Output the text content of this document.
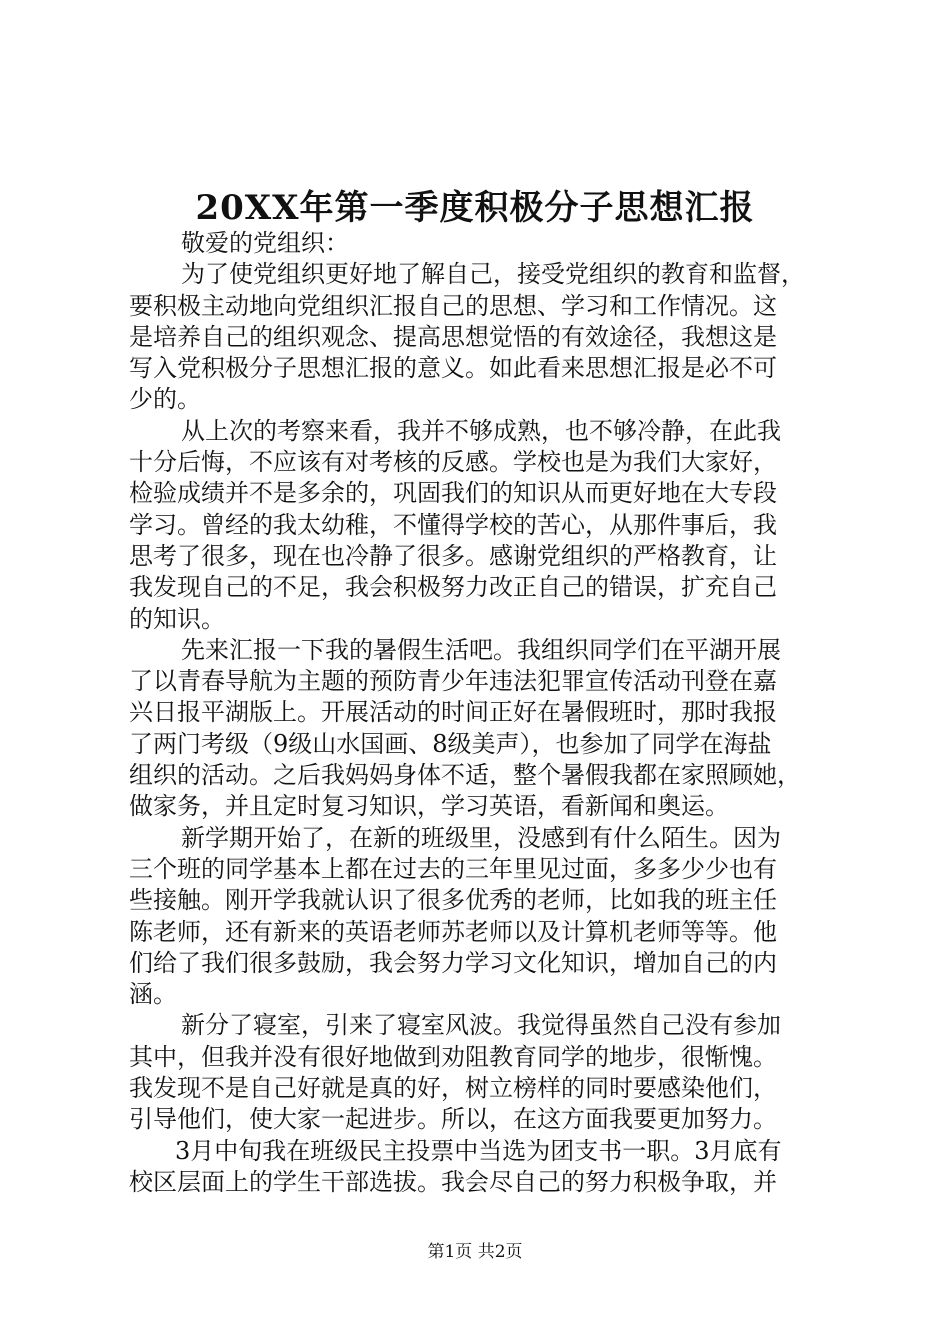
20XX年第一季度积极分子思想汇报
敬爱的党组织：
为了使党组织更好地了解自己，接受党组织的教育和监督，
要积极主动地向党组织汇报自己的思想、学习和工作情况。这
是培养自己的组织观念、提高思想觉悟的有效途径，我想这是
写入党积极分子思想汇报的意义。如此看来思想汇报是必不可
少的。
从上次的考察来看，我并不够成熟，也不够冷静，在此我
十分后悔，不应该有对考核的反感。学校也是为我们大家好，
检验成绩并不是多余的，巩固我们的知识从而更好地在大专段
学习。曾经的我太幼稚，不懂得学校的苦心，从那件事后，我
思考了很多，现在也冷静了很多。感谢党组织的严格教育，让
我发现自己的不足，我会积极努力改正自己的错误，扩充自己
的知识。
先来汇报一下我的暑假生活吧。我组织同学们在平湖开展
了以青春导航为主题的预防青少年违法犯罪宣传活动刊登在嘉
兴日报平湖版上。开展活动的时间正好在暑假班时，那时我报
了两门考级（9级山水国画、8级美声），也参加了同学在海盐
组织的活动。之后我妈妈身体不适，整个暑假我都在家照顾她，
做家务，并且定时复习知识，学习英语，看新闻和奥运。
新学期开始了，在新的班级里，没感到有什么陌生。因为
三个班的同学基本上都在过去的三年里见过面，多多少少也有
些接触。刚开学我就认识了很多优秀的老师，比如我的班主任
陈老师，还有新来的英语老师苏老师以及计算机老师等等。他
们给了我们很多鼓励，我会努力学习文化知识，增加自己的内
涵。
新分了寝室，引来了寝室风波。我觉得虽然自己没有参加
其中，但我并没有很好地做到劝阻教育同学的地步，很惭愧。
我发现不是自己好就是真的好，树立榜样的同时要感染他们，
引导他们，使大家一起进步。所以，在这方面我要更加努力。
3月中旬我在班级民主投票中当选为团支书一职。3月底有
校区层面上的学生干部选拔。我会尽自己的努力积极争取，并
第1页 共2页
